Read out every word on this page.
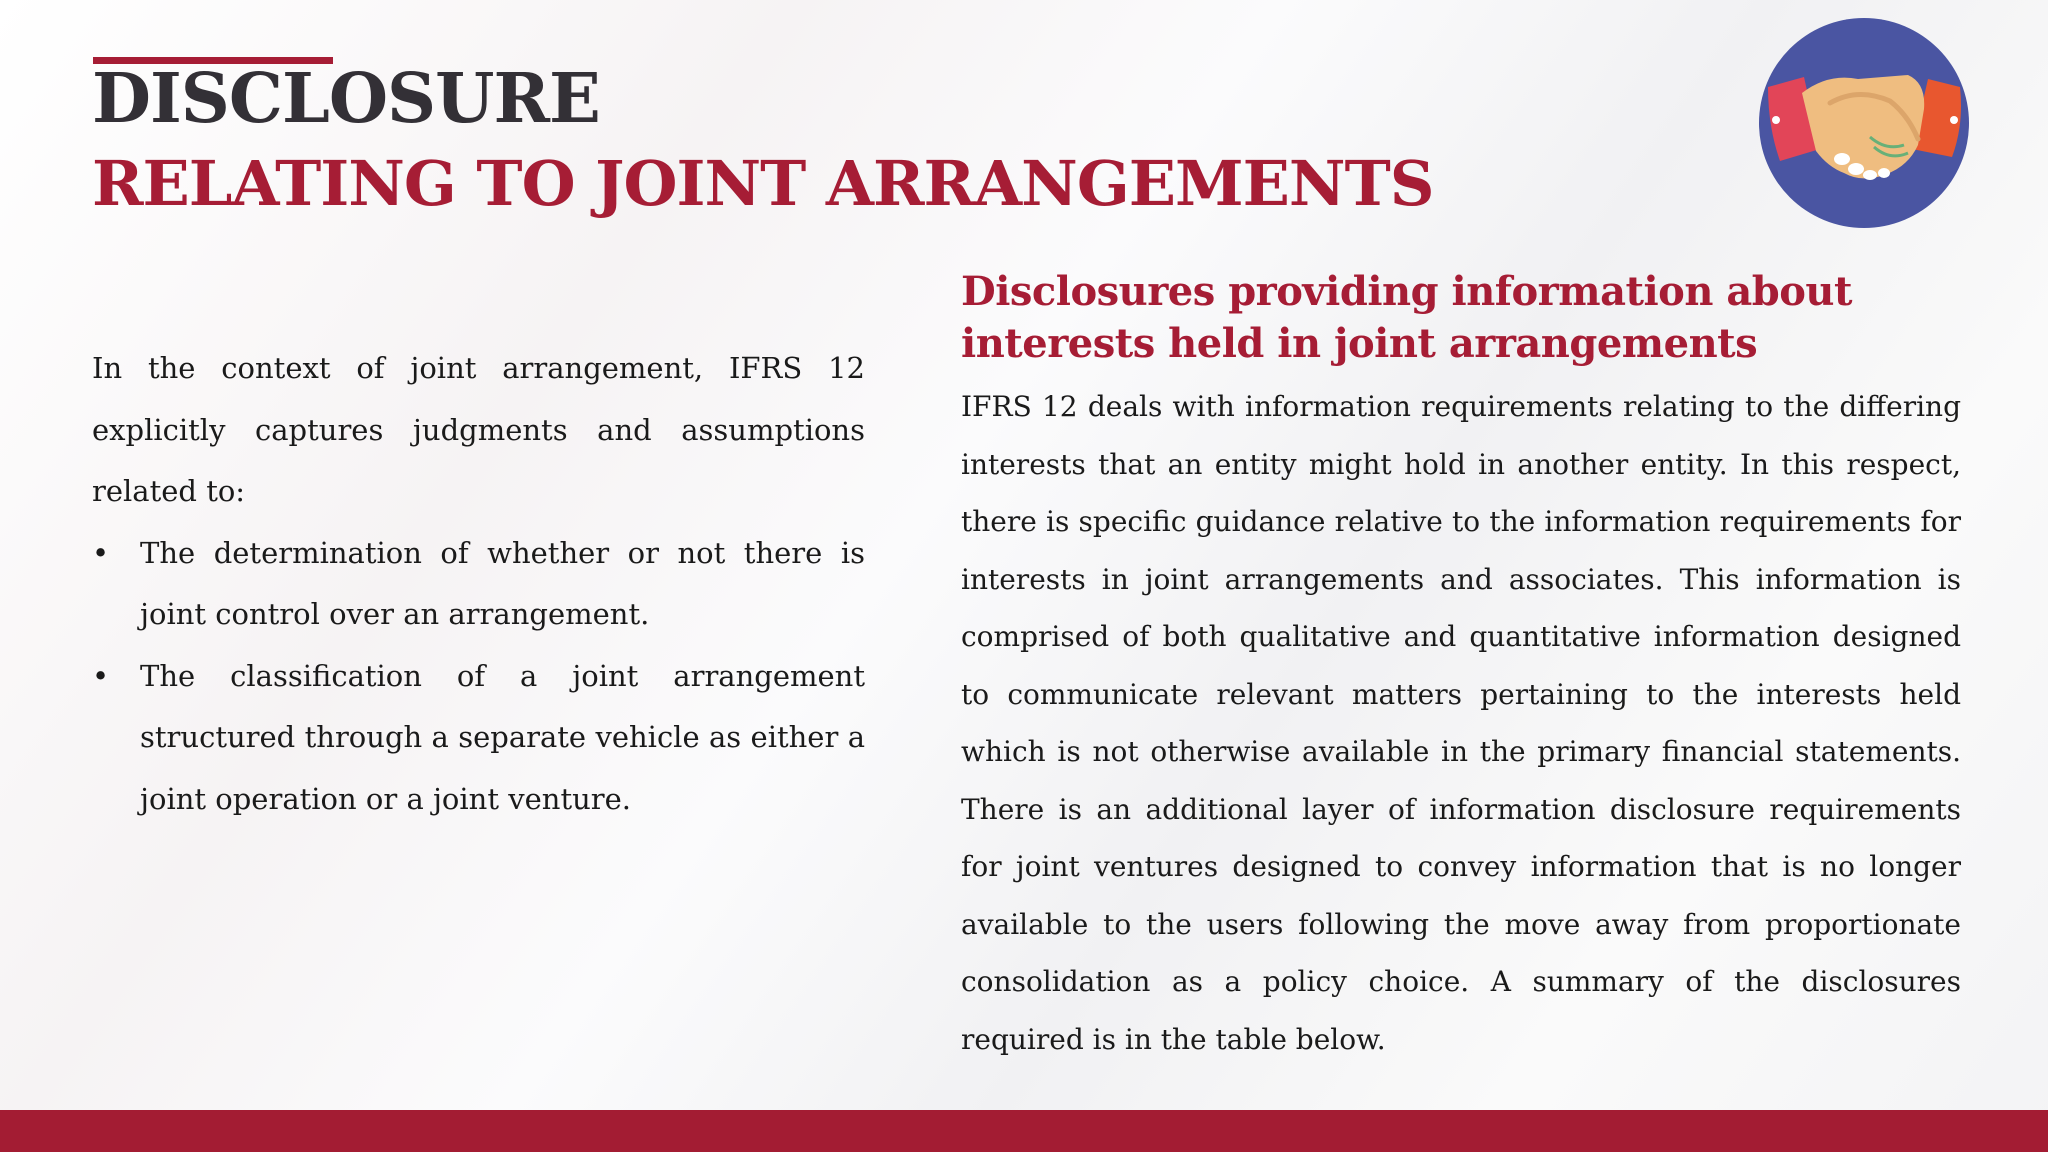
DISCLOSURE
RELATING TO JOINT ARRANGEMENTS

In the context of joint arrangement, IFRS 12 explicitly captures judgments and assumptions related to:

• The determination of whether or not there is joint control over an arrangement.
• The classification of a joint arrangement structured through a separate vehicle as either a joint operation or a joint venture.
Disclosures providing information about interests held in joint arrangements

IFRS 12 deals with information requirements relating to the differing interests that an entity might hold in another entity. In this respect, there is specific guidance relative to the information requirements for interests in joint arrangements and associates. This information is comprised of both qualitative and quantitative information designed to communicate relevant matters pertaining to the interests held which is not otherwise available in the primary financial statements. There is an additional layer of information disclosure requirements for joint ventures designed to convey information that is no longer available to the users following the move away from proportionate consolidation as a policy choice. A summary of the disclosures required is in the table below.
